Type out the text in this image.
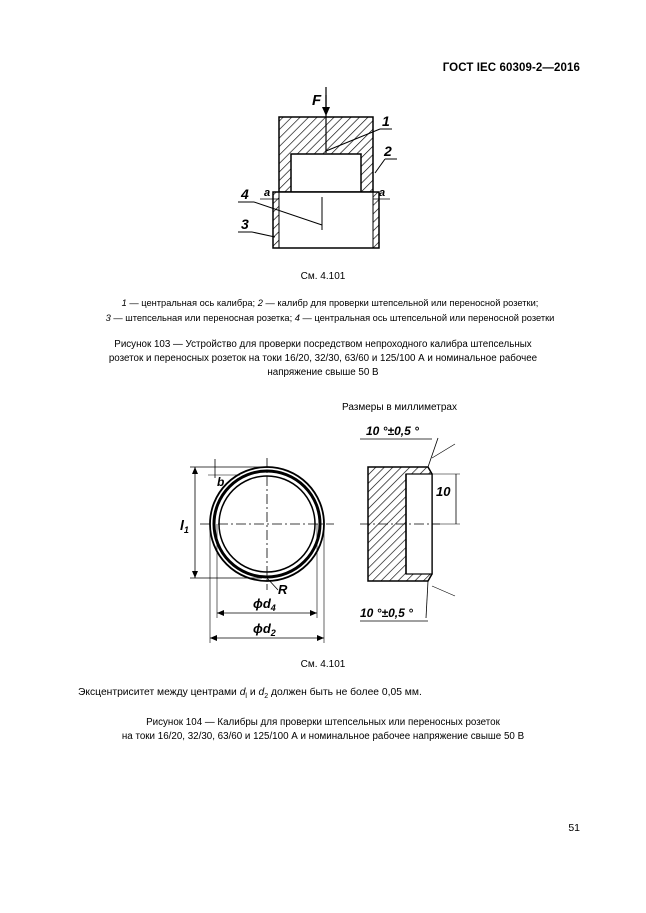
ГОСТ IEC 60309-2—2016
F
1
2
4
3
a	a
См. 4.101
1 — центральная ось калибра; 2 — калибр для проверки штепсельной или переносной розетки;
3 — штепсельная или переносная розетка; 4 — центральная ось штепсельной или переносной розетки
Рисунок 103 — Устройство для проверки посредством непроходного калибра штепсельных
розеток и переносных розеток на токи 16/20, 32/30, 63/60 и 125/100 А и номинальное рабочее
напряжение свыше 50 В
Размеры в миллиметрах
$l_1$
b
R
$\phi d_4$
$\phi d_2$
10
10 °±0,5 °
10 °±0,5 °
См. 4.101
Эксцентриситет между центрами $d_l$ и $d_2$ должен быть не более 0,05 мм.
Рисунок 104 — Калибры для проверки штепсельных или переносных розеток
на токи 16/20, 32/30, 63/60 и 125/100 А и номинальное рабочее напряжение свыше 50 В
51
